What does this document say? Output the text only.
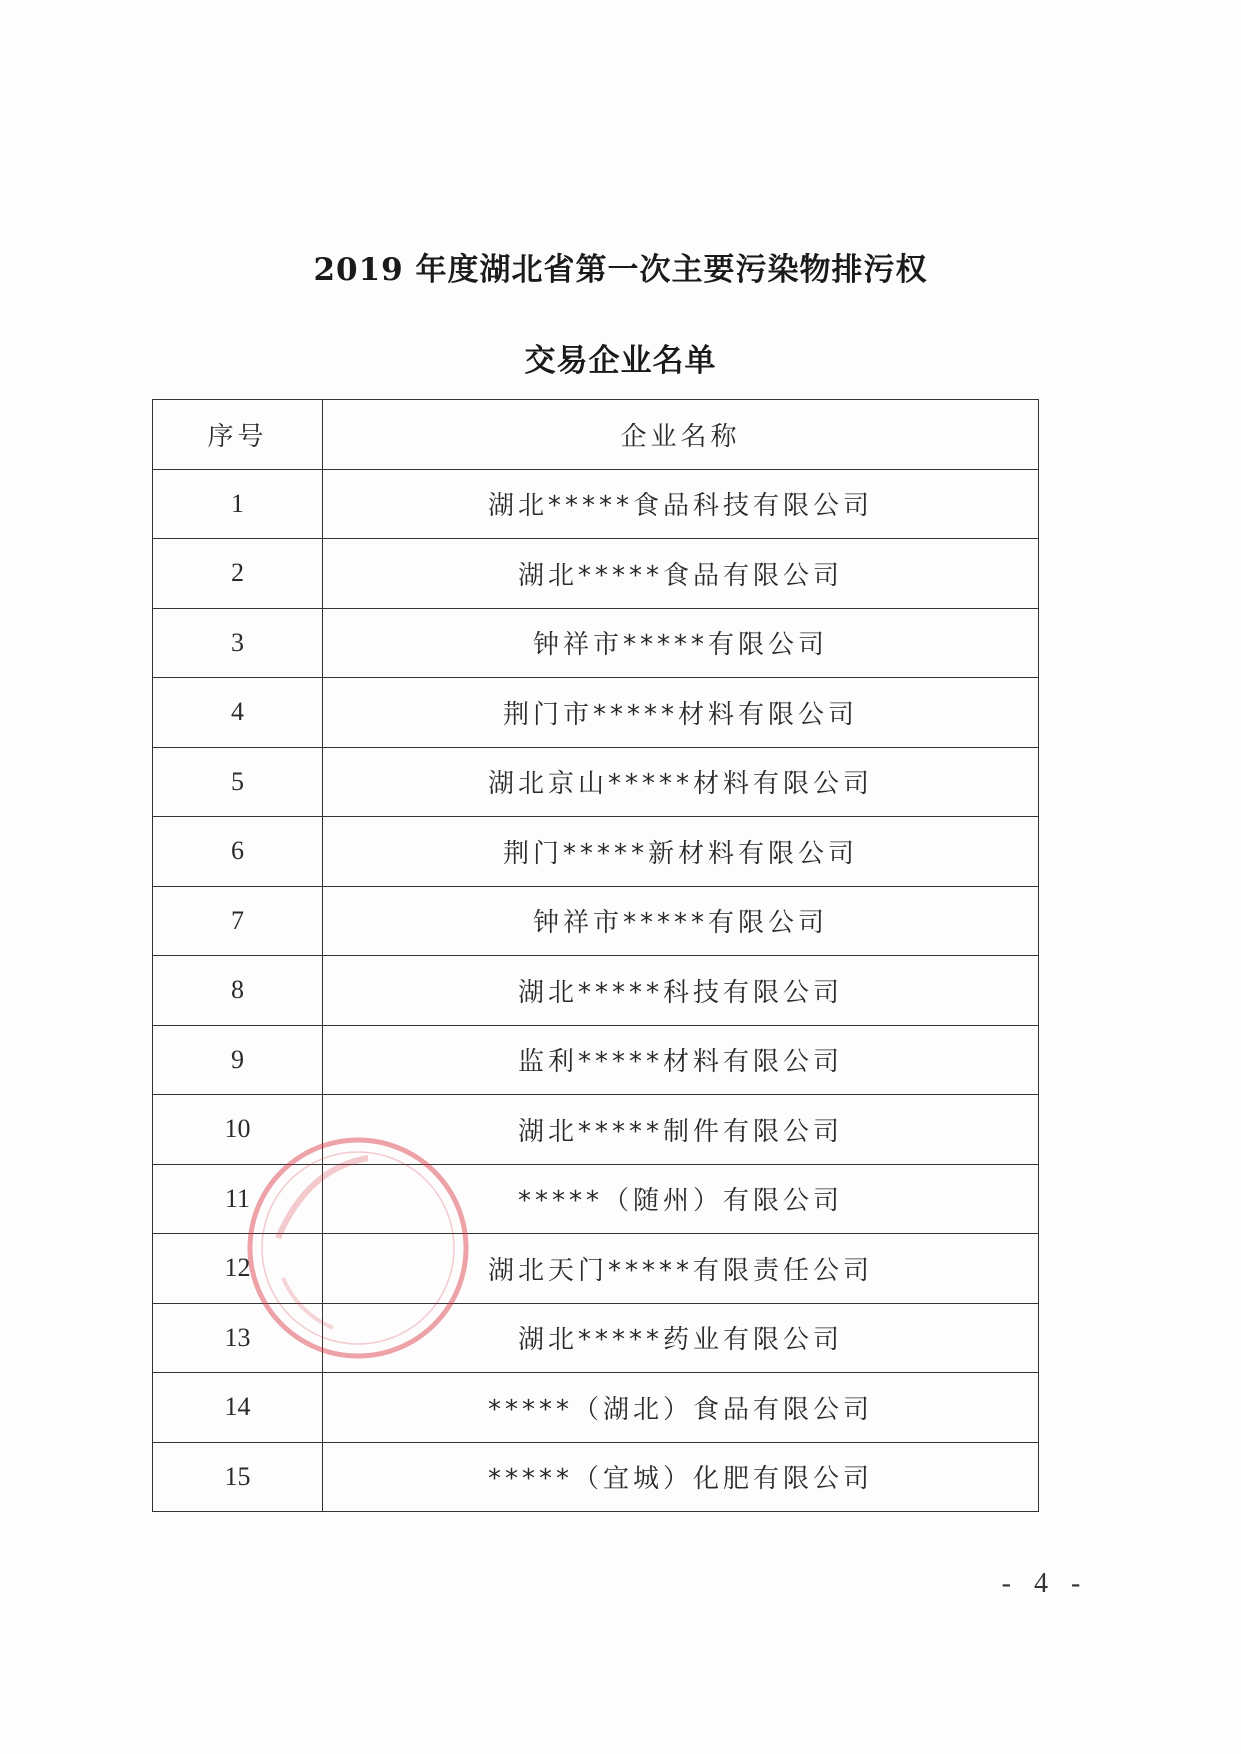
2019 年度湖北省第一次主要污染物排污权
交易企业名单
序号	企业名称
1	湖北*****食品科技有限公司
2	湖北*****食品有限公司
3	钟祥市*****有限公司
4	荆门市*****材料有限公司
5	湖北京山*****材料有限公司
6	荆门*****新材料有限公司
7	钟祥市*****有限公司
8	湖北*****科技有限公司
9	监利*****材料有限公司
10	湖北*****制件有限公司
11	*****（随州）有限公司
12	湖北天门*****有限责任公司
13	湖北*****药业有限公司
14	*****（湖北）食品有限公司
15	*****（宜城）化肥有限公司
- 4 -
